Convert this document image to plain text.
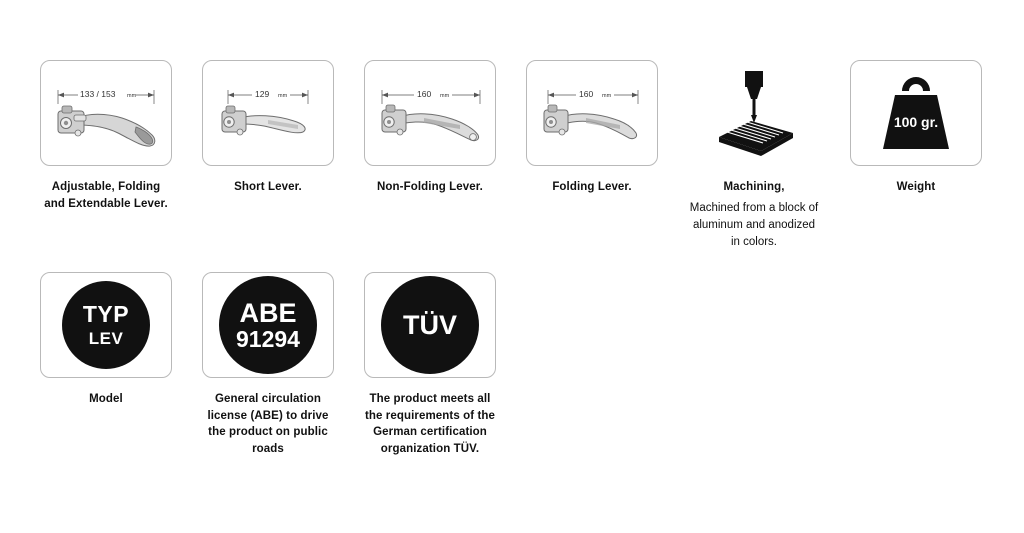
133 / 153 mm
Adjustable, Folding and Extendable Lever.
129 mm
Short Lever.
160 mm
Non-Folding Lever.
160 mm
Folding Lever.	Machining,
Machined from a block of aluminum and anodized in colors.
100 gr.
Weight
TYP
LEV
Model
ABE
91294
General circulation license (ABE) to drive the product on public roads
TÜV
The product meets all the requirements of the German certification organization TÜV.
